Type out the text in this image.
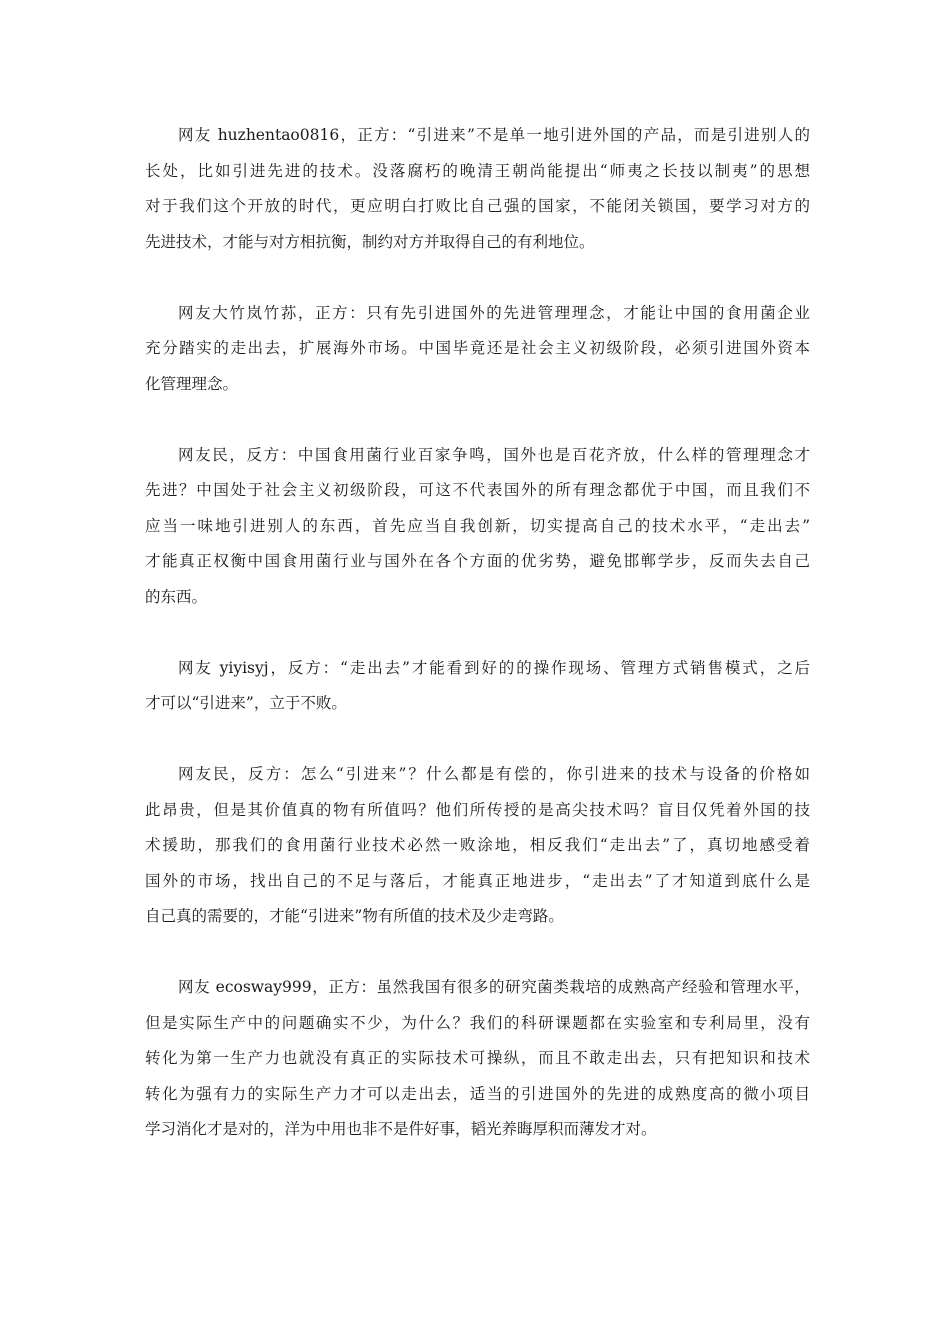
网友 huzhentao0816，正方：“引进来”不是单一地引进外国的产品，而是引进别人的
长处，比如引进先进的技术。没落腐朽的晚清王朝尚能提出“师夷之长技以制夷”的思想
对于我们这个开放的时代，更应明白打败比自己强的国家，不能闭关锁国，要学习对方的
先进技术，才能与对方相抗衡，制约对方并取得自己的有利地位。
网友大竹岚竹荪，正方：只有先引进国外的先进管理理念，才能让中国的食用菌企业
充分踏实的走出去，扩展海外市场。中国毕竟还是社会主义初级阶段，必须引进国外资本
化管理理念。
网友民，反方：中国食用菌行业百家争鸣，国外也是百花齐放，什么样的管理理念才
先进？中国处于社会主义初级阶段，可这不代表国外的所有理念都优于中国，而且我们不
应当一味地引进别人的东西，首先应当自我创新，切实提高自己的技术水平，“走出去”
才能真正权衡中国食用菌行业与国外在各个方面的优劣势，避免邯郸学步，反而失去自己
的东西。
网友 yiyisyj，反方：“走出去”才能看到好的的操作现场、管理方式销售模式，之后
才可以“引进来”，立于不败。
网友民，反方：怎么“引进来”？什么都是有偿的，你引进来的技术与设备的价格如
此昂贵，但是其价值真的物有所值吗？他们所传授的是高尖技术吗？盲目仅凭着外国的技
术援助，那我们的食用菌行业技术必然一败涂地，相反我们“走出去”了，真切地感受着
国外的市场，找出自己的不足与落后，才能真正地进步，“走出去”了才知道到底什么是
自己真的需要的，才能“引进来”物有所值的技术及少走弯路。
网友 ecosway999，正方：虽然我国有很多的研究菌类栽培的成熟高产经验和管理水平，
但是实际生产中的问题确实不少，为什么？我们的科研课题都在实验室和专利局里，没有
转化为第一生产力也就没有真正的实际技术可操纵，而且不敢走出去，只有把知识和技术
转化为强有力的实际生产力才可以走出去，适当的引进国外的先进的成熟度高的微小项目
学习消化才是对的，洋为中用也非不是件好事，韬光养晦厚积而薄发才对。
